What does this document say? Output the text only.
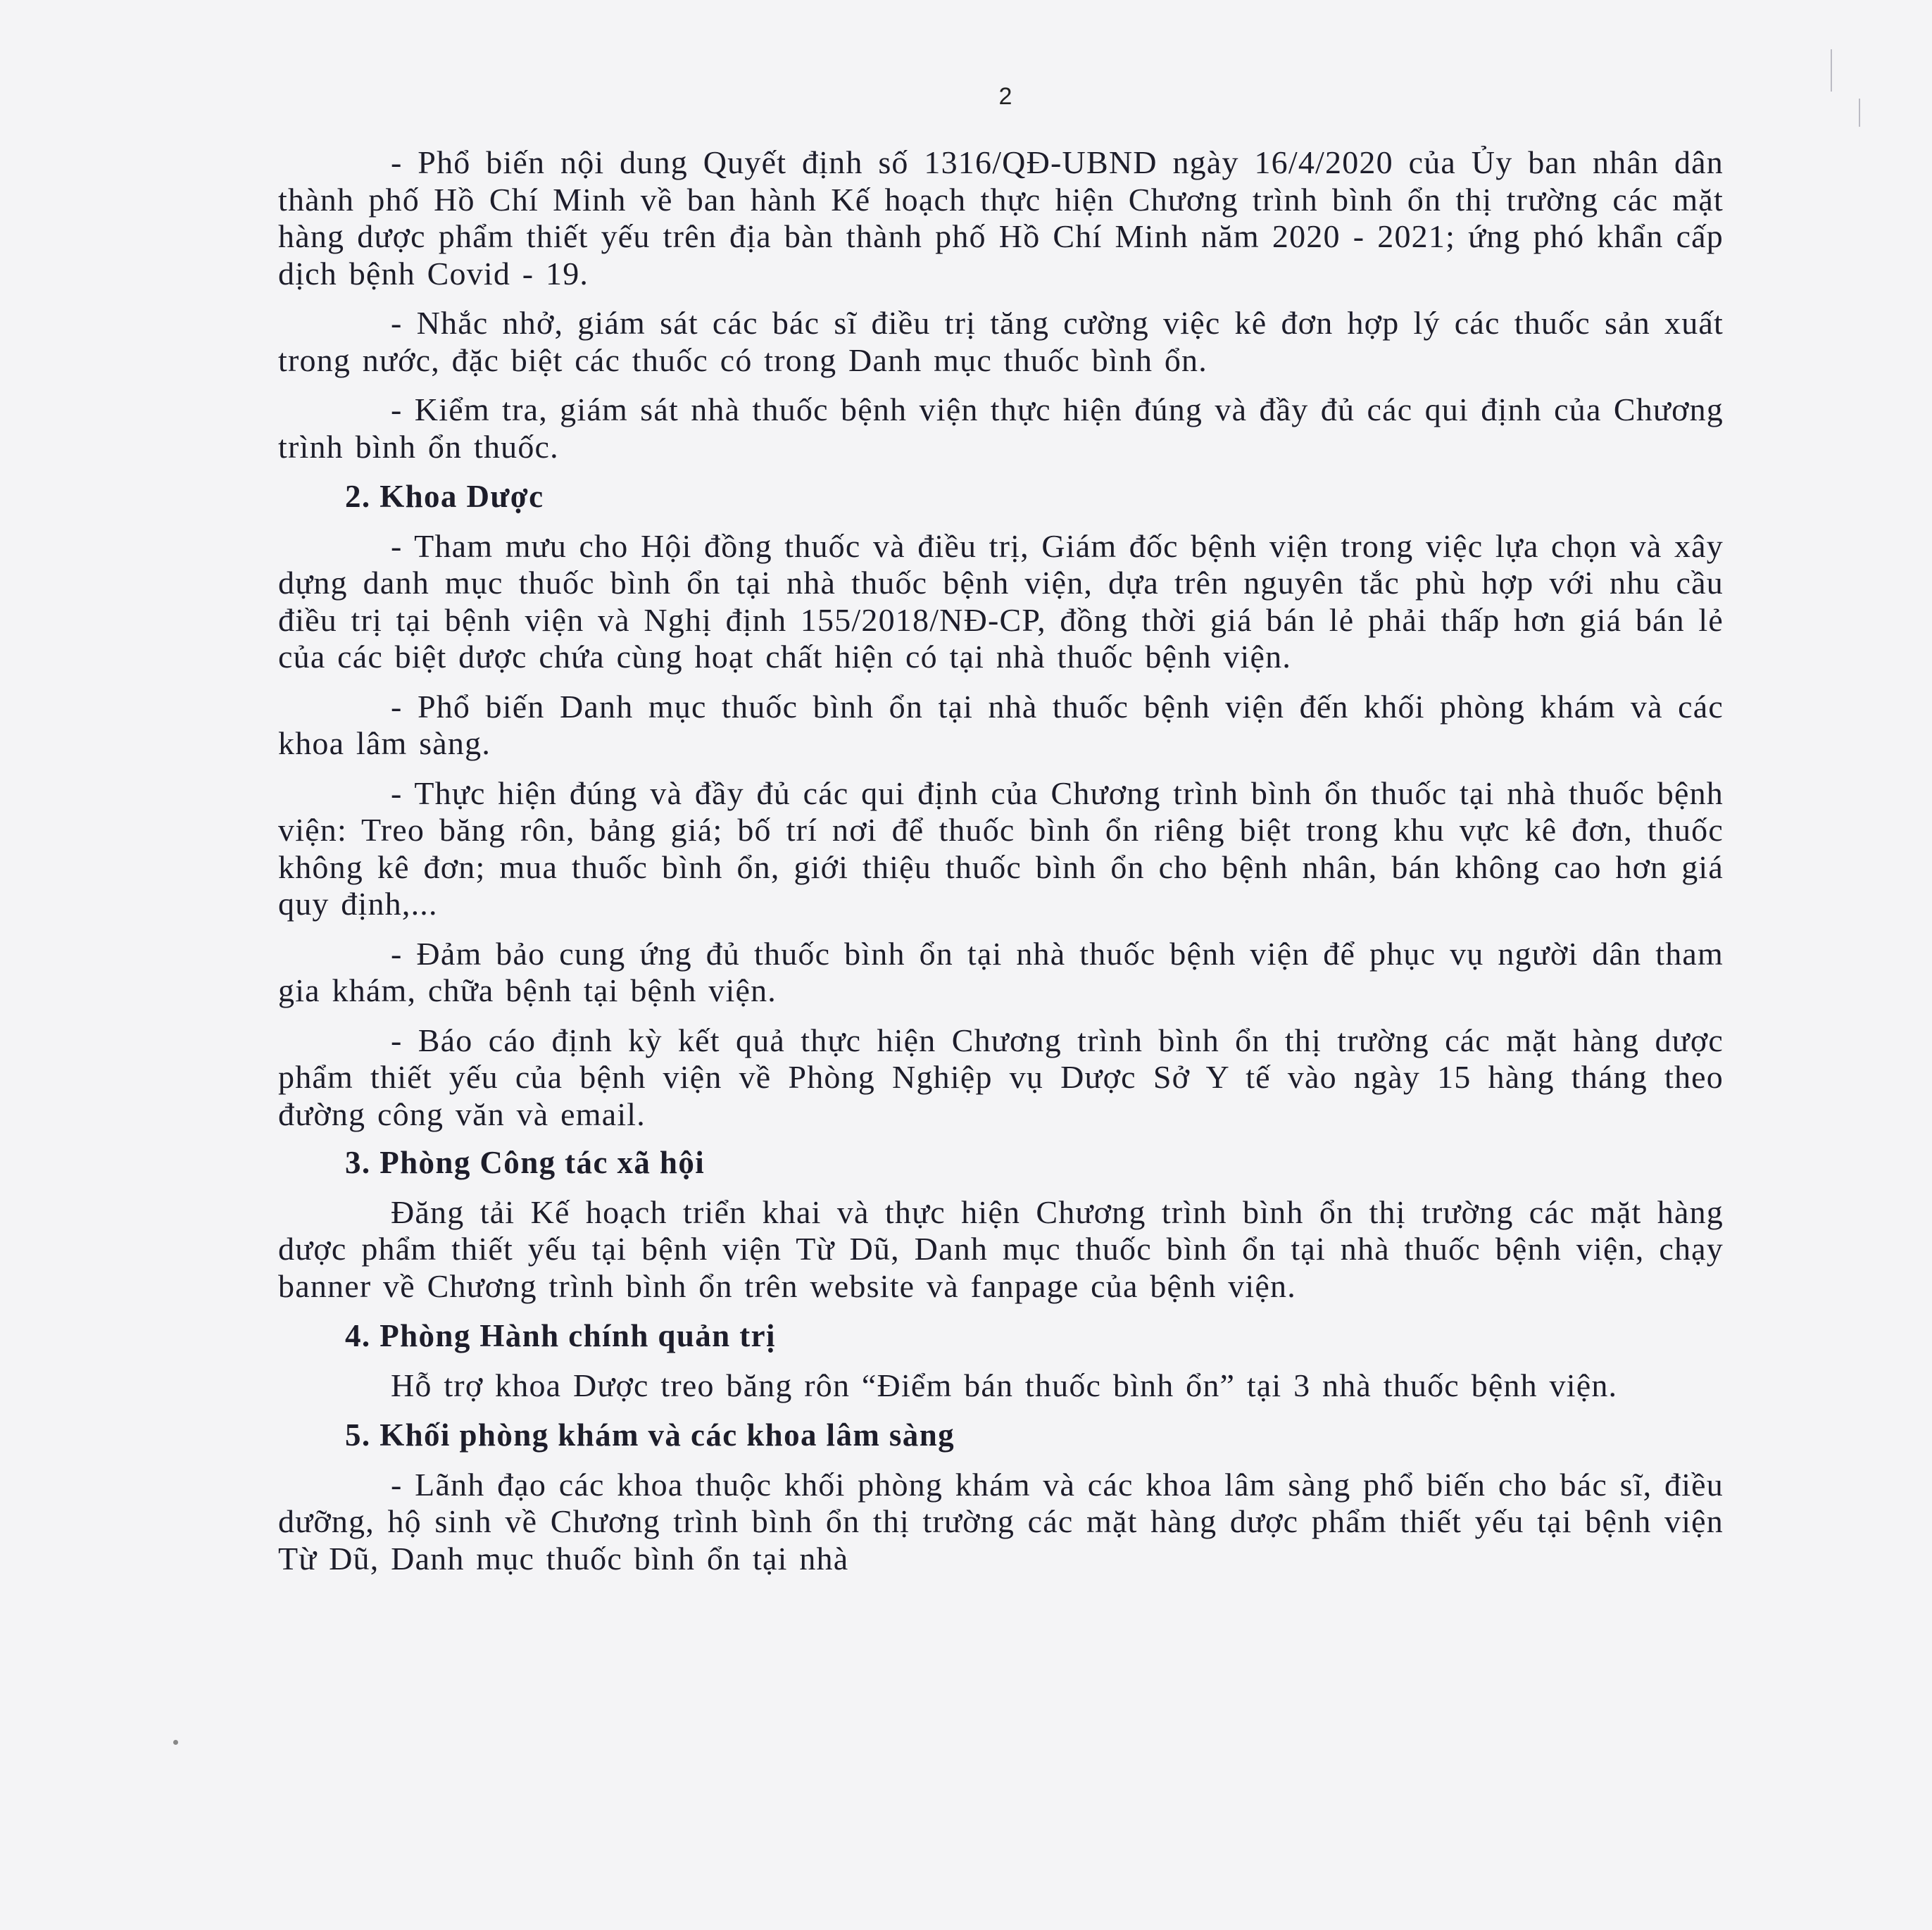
2

- Phổ biến nội dung Quyết định số 1316/QĐ-UBND ngày 16/4/2020 của Ủy ban nhân dân thành phố Hồ Chí Minh về ban hành Kế hoạch thực hiện Chương trình bình ổn thị trường các mặt hàng dược phẩm thiết yếu trên địa bàn thành phố Hồ Chí Minh năm 2020 - 2021; ứng phó khẩn cấp dịch bệnh Covid - 19.

- Nhắc nhở, giám sát các bác sĩ điều trị tăng cường việc kê đơn hợp lý các thuốc sản xuất trong nước, đặc biệt các thuốc có trong Danh mục thuốc bình ổn.

- Kiểm tra, giám sát nhà thuốc bệnh viện thực hiện đúng và đầy đủ các qui định của Chương trình bình ổn thuốc.

2. Khoa Dược

- Tham mưu cho Hội đồng thuốc và điều trị, Giám đốc bệnh viện trong việc lựa chọn và xây dựng danh mục thuốc bình ổn tại nhà thuốc bệnh viện, dựa trên nguyên tắc phù hợp với nhu cầu điều trị tại bệnh viện và Nghị định 155/2018/NĐ-CP, đồng thời giá bán lẻ phải thấp hơn giá bán lẻ của các biệt dược chứa cùng hoạt chất hiện có tại nhà thuốc bệnh viện.

- Phổ biến Danh mục thuốc bình ổn tại nhà thuốc bệnh viện đến khối phòng khám và các khoa lâm sàng.

- Thực hiện đúng và đầy đủ các qui định của Chương trình bình ổn thuốc tại nhà thuốc bệnh viện: Treo băng rôn, bảng giá; bố trí nơi để thuốc bình ổn riêng biệt trong khu vực kê đơn, thuốc không kê đơn; mua thuốc bình ổn, giới thiệu thuốc bình ổn cho bệnh nhân, bán không cao hơn giá quy định,...

- Đảm bảo cung ứng đủ thuốc bình ổn tại nhà thuốc bệnh viện để phục vụ người dân tham gia khám, chữa bệnh tại bệnh viện.

- Báo cáo định kỳ kết quả thực hiện Chương trình bình ổn thị trường các mặt hàng dược phẩm thiết yếu của bệnh viện về Phòng Nghiệp vụ Dược Sở Y tế vào ngày 15 hàng tháng theo đường công văn và email.

3. Phòng Công tác xã hội

Đăng tải Kế hoạch triển khai và thực hiện Chương trình bình ổn thị trường các mặt hàng dược phẩm thiết yếu tại bệnh viện Từ Dũ, Danh mục thuốc bình ổn tại nhà thuốc bệnh viện, chạy banner về Chương trình bình ổn trên website và fanpage của bệnh viện.

4. Phòng Hành chính quản trị

Hỗ trợ khoa Dược treo băng rôn “Điểm bán thuốc bình ổn” tại 3 nhà thuốc bệnh viện.

5. Khối phòng khám và các khoa lâm sàng

- Lãnh đạo các khoa thuộc khối phòng khám và các khoa lâm sàng phổ biến cho bác sĩ, điều dưỡng, hộ sinh về Chương trình bình ổn thị trường các mặt hàng dược phẩm thiết yếu tại bệnh viện Từ Dũ, Danh mục thuốc bình ổn tại nhà
